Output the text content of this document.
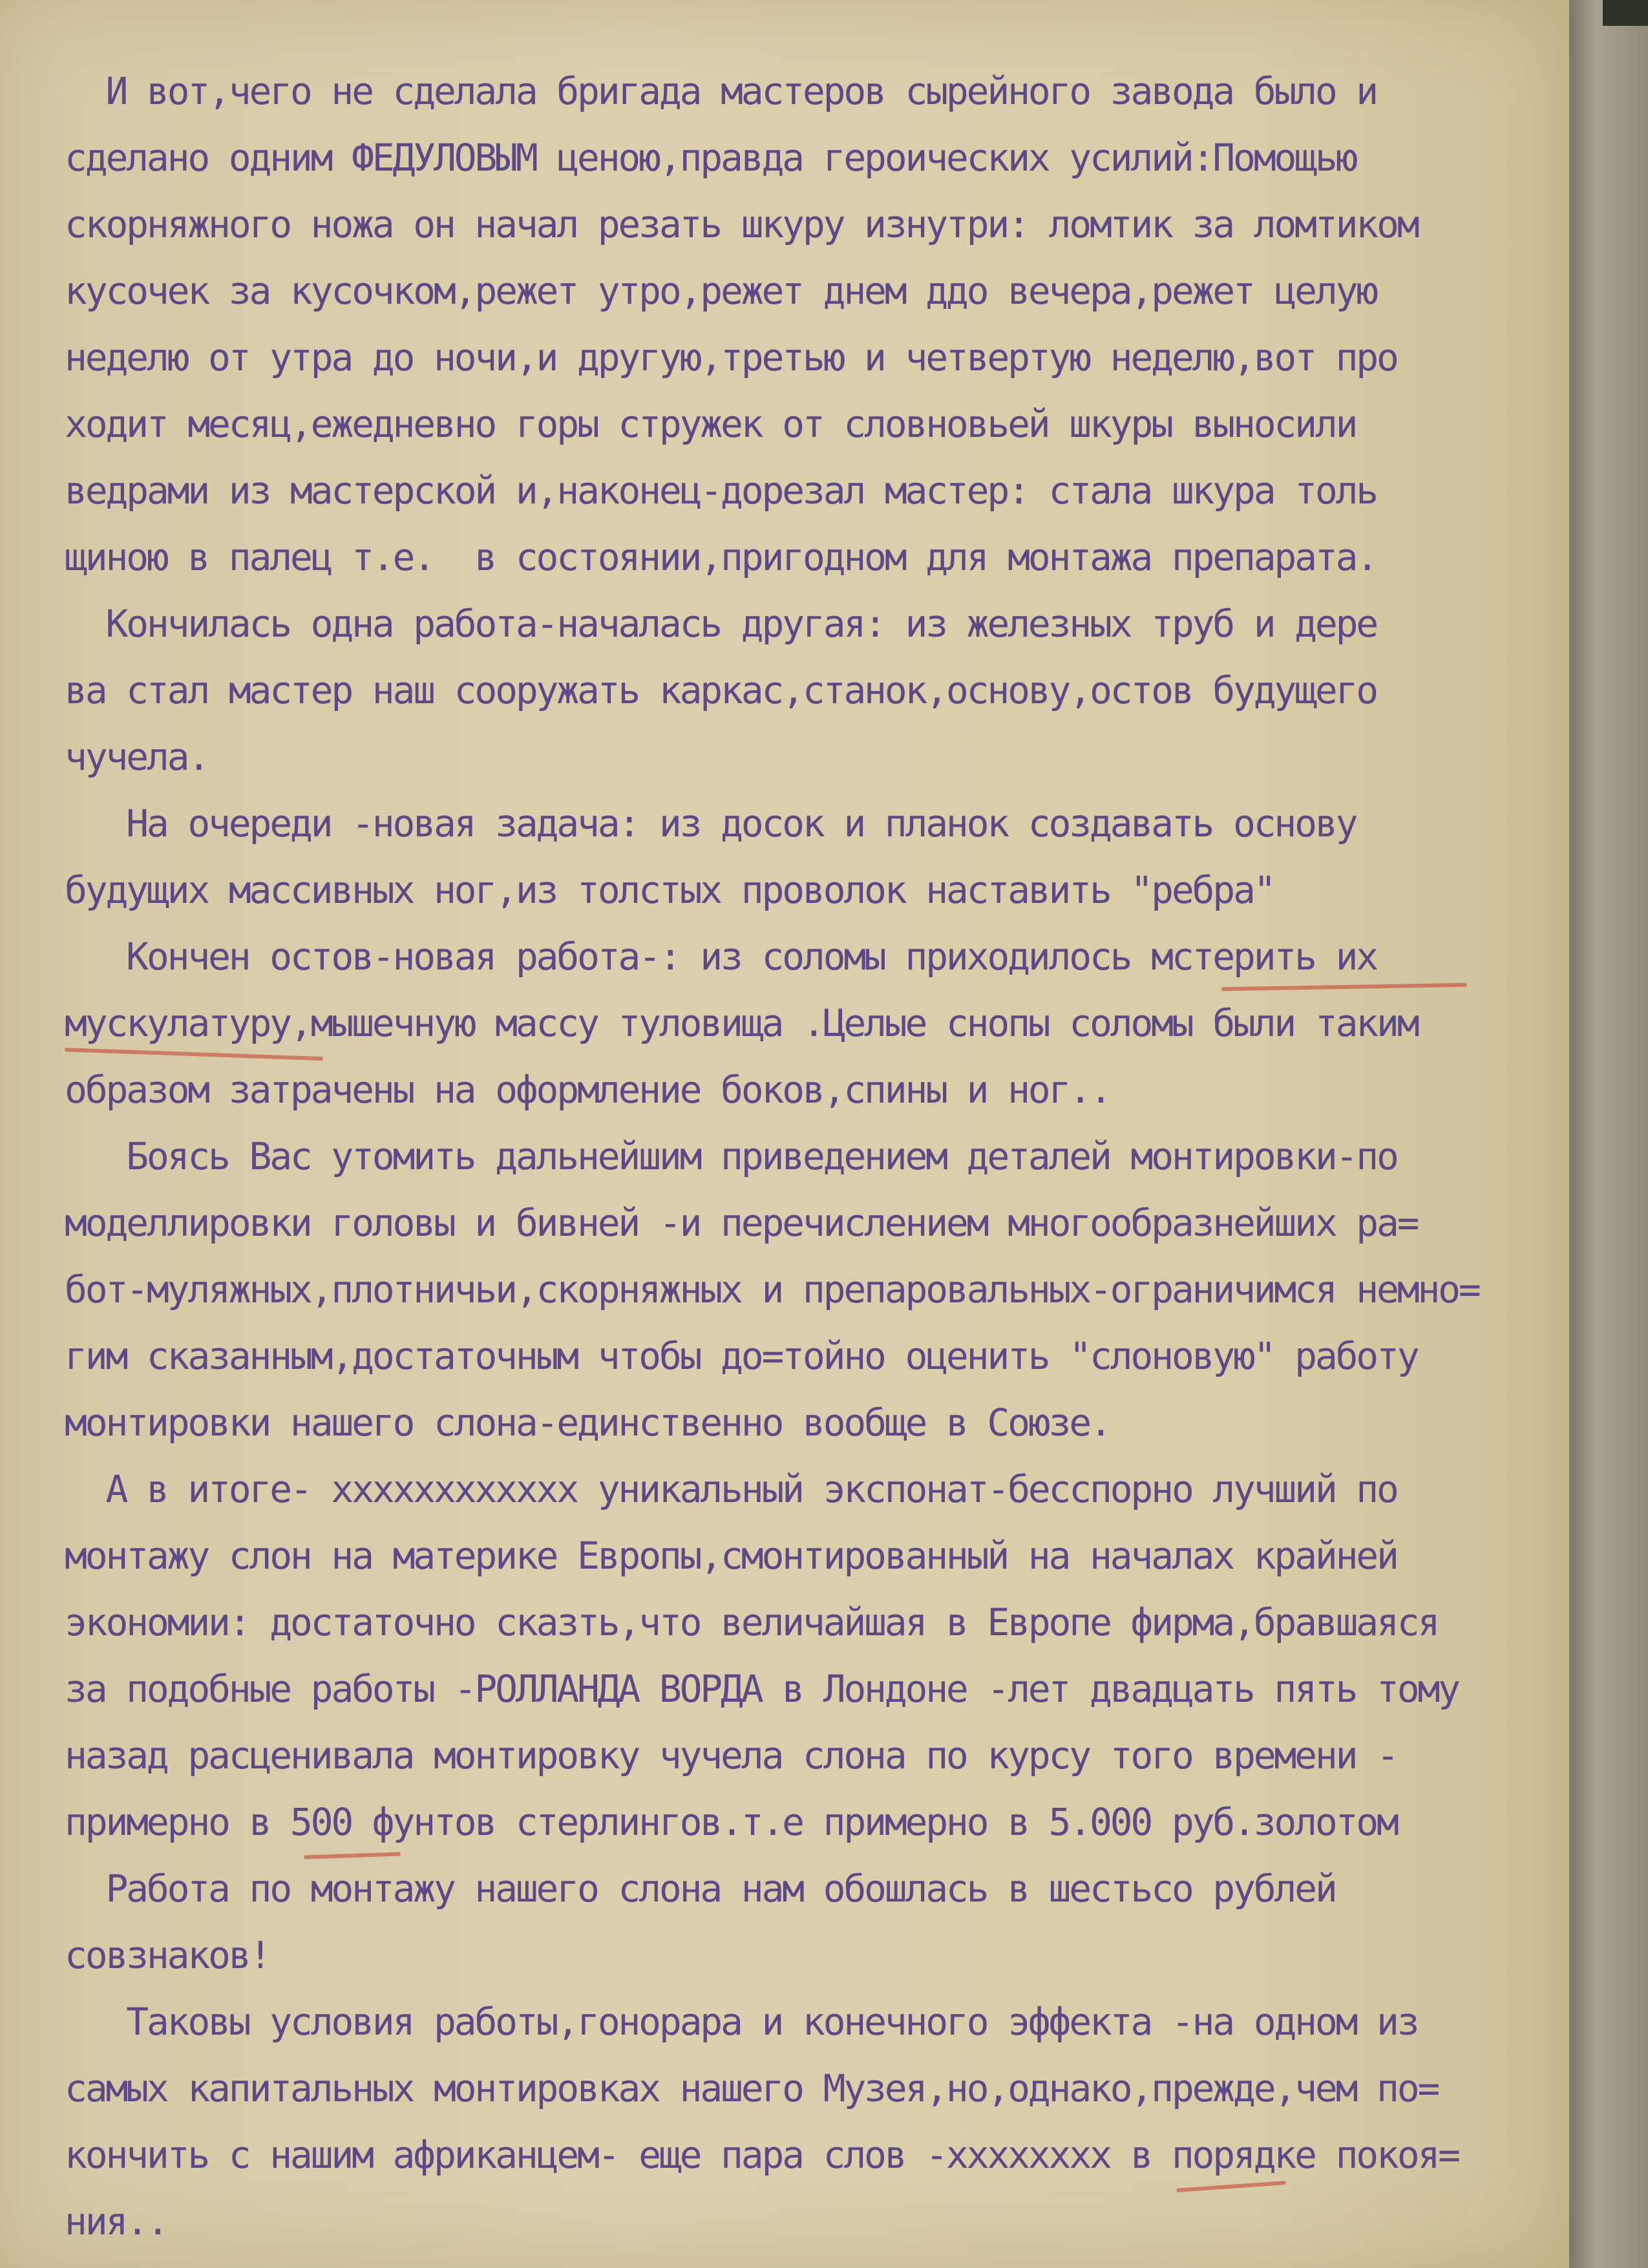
И вот,чего не сделала бригада мастеров сырейного завода было и
сделано одним ФЕДУЛОВЫМ ценою,правда героических усилий:Помощью
скорняжного ножа он начал резать шкуру изнутри: ломтик за ломтиком
кусочек за кусочком,режет утро,режет днем ддо вечера,режет целую
неделю от утра до ночи,и другую,третью и четвертую неделю,вот про
ходит месяц,ежедневно горы стружек от словновьей шкуры выносили
ведрами из мастерской и,наконец-дорезал мастер: стала шкура толь
щиною в палец т.е.  в состоянии,пригодном для монтажа препарата.
Кончилась одна работа-началась другая: из железных труб и дере
ва стал мастер наш сооружать каркас,станок,основу,остов будущего
чучела.
На очереди -новая задача: из досок и планок создавать основу
будущих массивных ног,из толстых проволок наставить "ребра"
Кончен остов-новая работа-: из соломы приходилось мстерить их
мускулатуру,мышечную массу туловища .Целые снопы соломы были таким
образом затрачены на оформление боков,спины и ног..
Боясь Вас утомить дальнейшим приведением деталей монтировки-по
моделлировки головы и бивней -и перечислением многообразнейших ра=
бот-муляжных,плотничьи,скорняжных и препаровальных-ограничимся немно=
гим сказанным,достаточным чтобы до=тойно оценить "слоновую" работу
монтировки нашего слона-единственно вообще в Союзе.
А в итоге- xxxxxxxxxxxx уникальный экспонат-бесспорно лучший по
монтажу слон на материке Европы,смонтированный на началах крайней
экономии: достаточно сказть,что величайшая в Европе фирма,бравшаяся
за подобные работы -РОЛЛАНДА ВОРДА в Лондоне -лет двадцать пять тому
назад расценивала монтировку чучела слона по курсу того времени -
примерно в 500 фунтов стерлингов.т.е примерно в 5.000 руб.золотом
Работа по монтажу нашего слона нам обошлась в шестьсо рублей
совзнаков!
Таковы условия работы,гонорара и конечного эффекта -на одном из
самых капитальных монтировках нашего Музея,но,однако,прежде,чем по=
кончить с нашим африканцем- еще пара слов -xxxxxxxx в порядке покоя=
ния..
